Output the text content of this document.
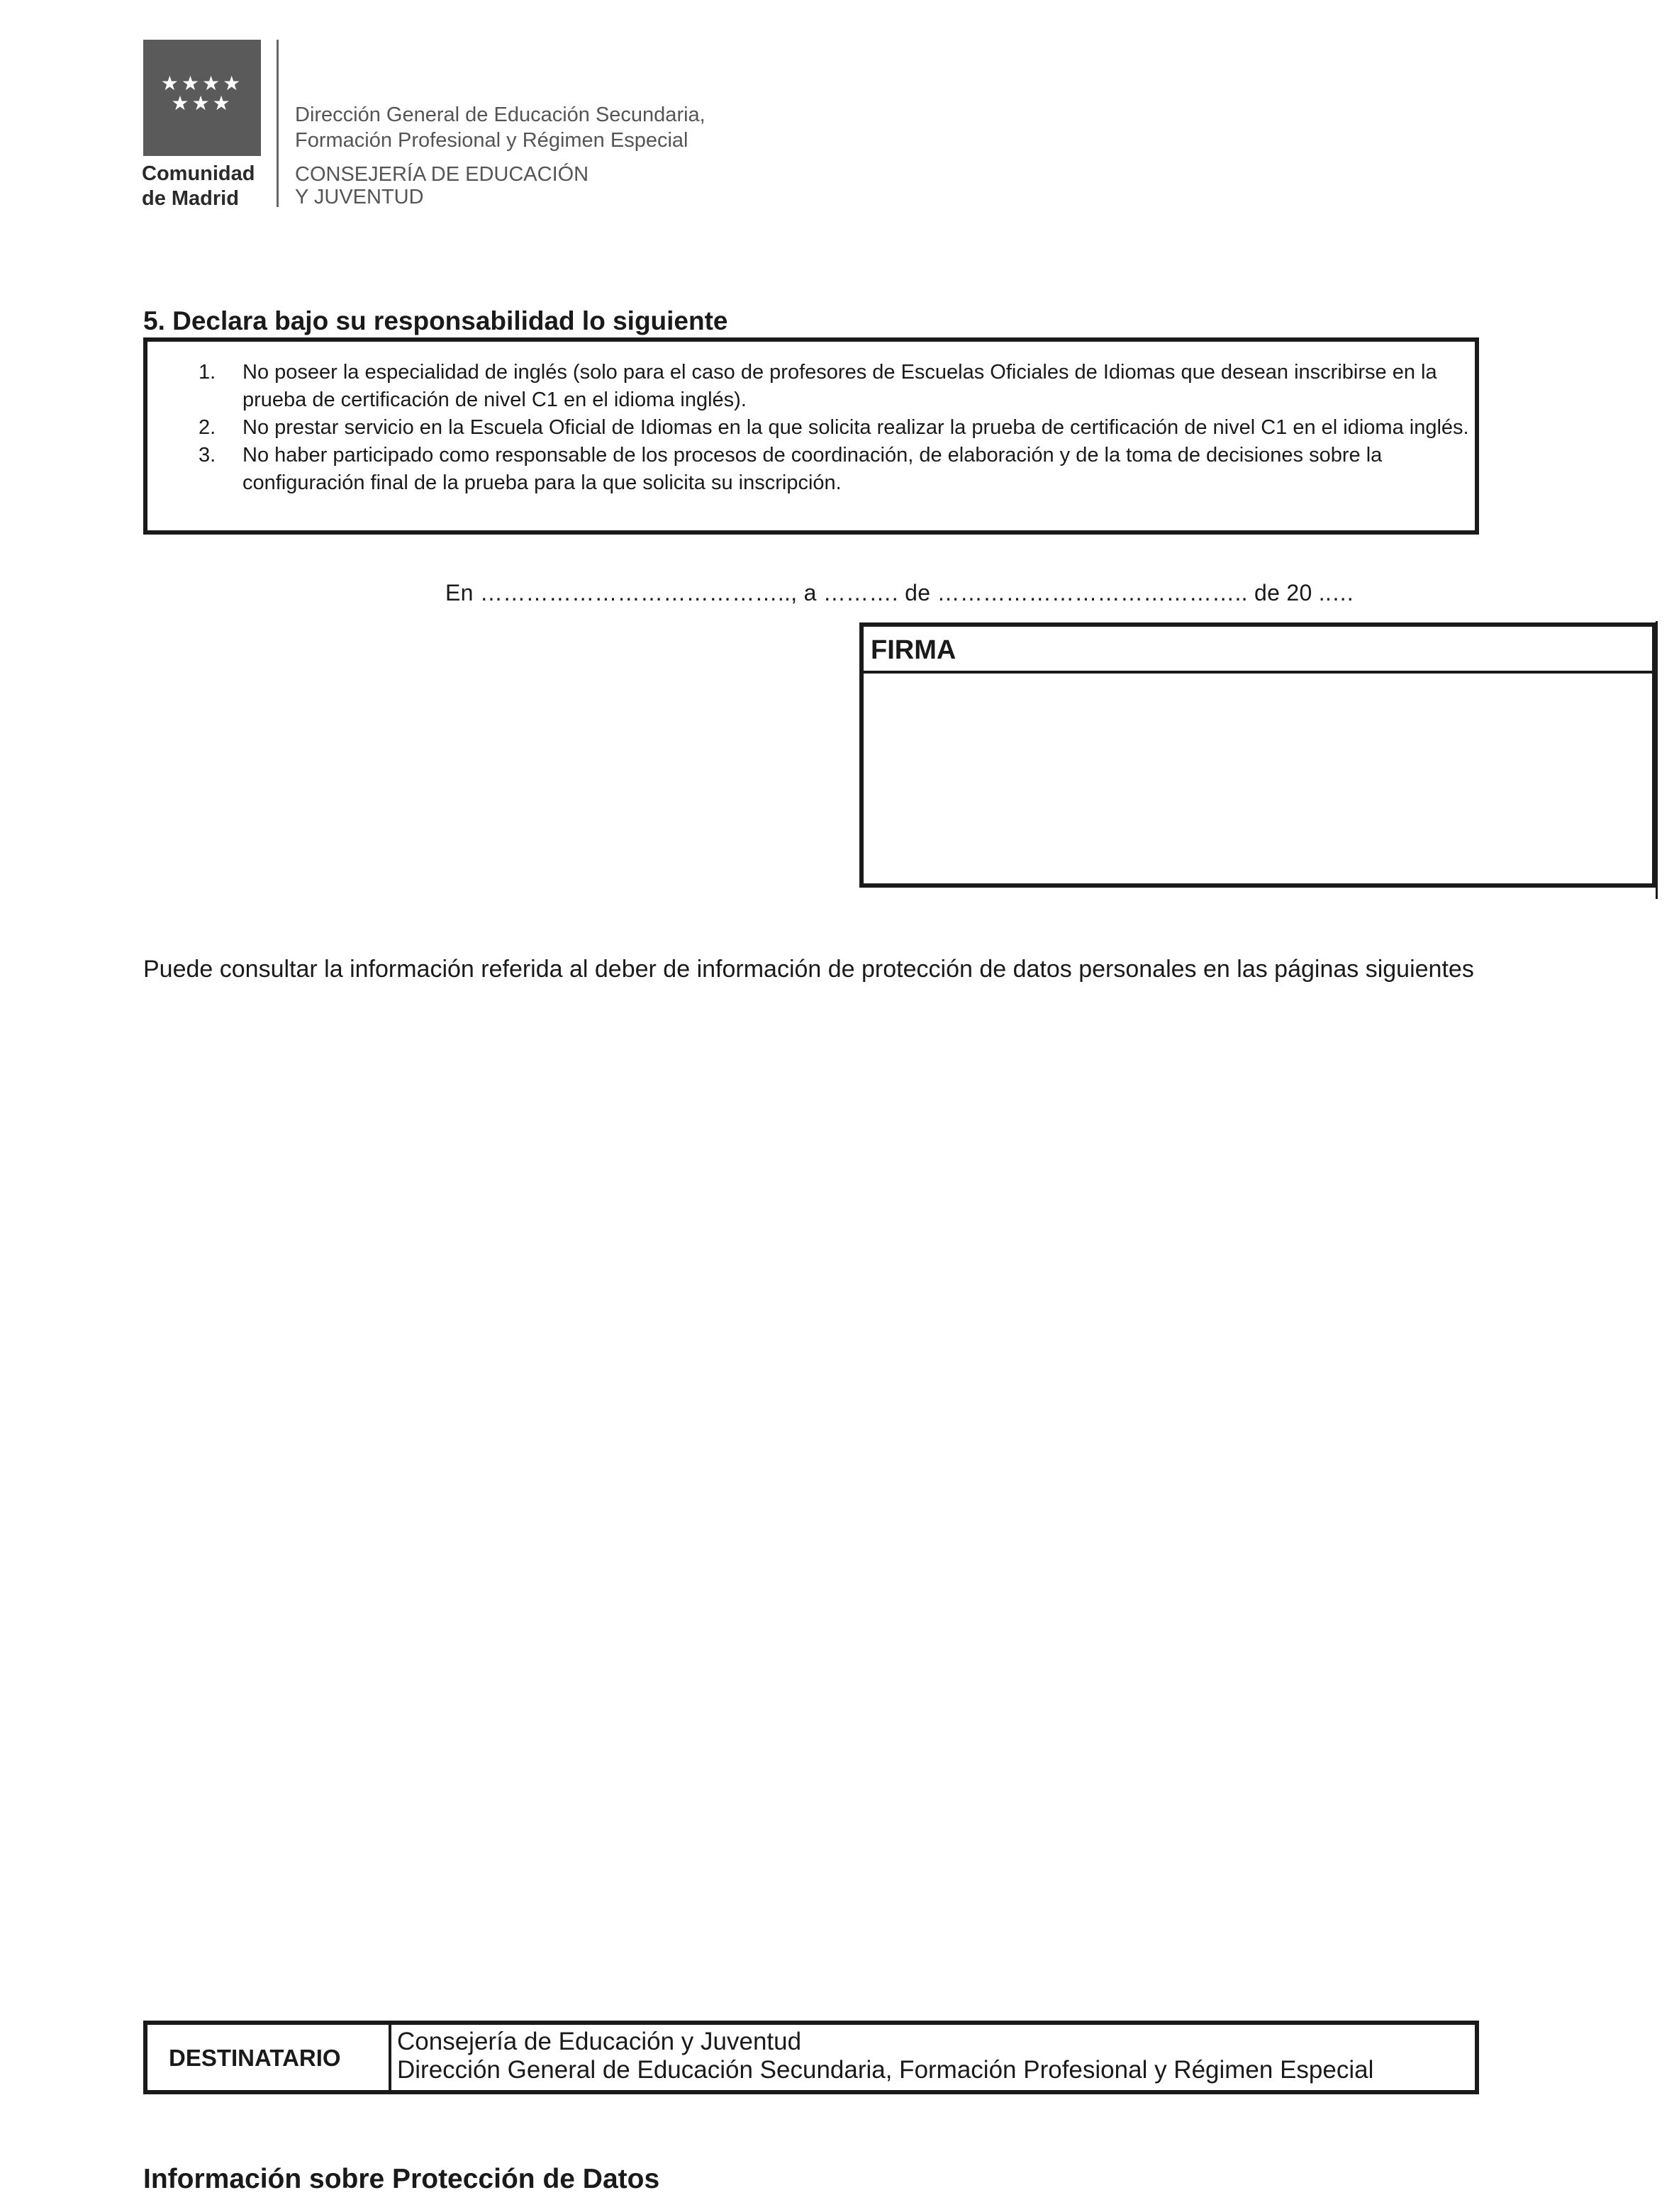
★★★★
★★★
Comunidad
de Madrid
Dirección General de Educación Secundaria,
Formación Profesional y Régimen Especial
CONSEJERÍA DE EDUCACIÓN
Y JUVENTUD
5. Declara bajo su responsabilidad lo siguiente
1. No poseer la especialidad de inglés (solo para el caso de profesores de Escuelas Oficiales de Idiomas que desean inscribirse en la prueba de certificación de nivel C1 en el idioma inglés).
2. No prestar servicio en la Escuela Oficial de Idiomas en la que solicita realizar la prueba de certificación de nivel C1 en el idioma inglés.
3. No haber participado como responsable de los procesos de coordinación, de elaboración y de la toma de decisiones sobre la configuración final de la prueba para la que solicita su inscripción.
En ………………………………….., a ………. de ………………………………….. de 20 ..…
FIRMA
Puede consultar la información referida al deber de información de protección de datos personales en las páginas siguientes
DESTINATARIO
Consejería de Educación y Juventud
Dirección General de Educación Secundaria, Formación Profesional y Régimen Especial
Información sobre Protección de Datos
